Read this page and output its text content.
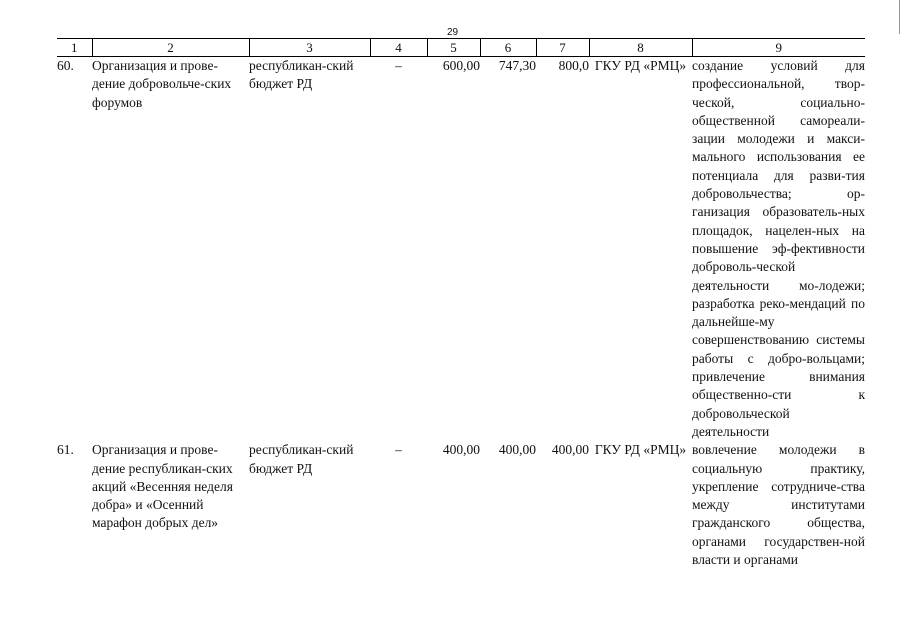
29
1	2	3	4	5	6	7	8	9
60.	Организация и прове-дение добровольче-ских форумов	республикан-ский бюджет РД	–	600,00	747,30	800,0	ГКУ РД «РМЦ»	создание условий для профессиональной, твор-ческой, социально-общественной самореали-зации молодежи и макси-мального использования ее потенциала для разви-тия добровольчества; ор-ганизация образователь-ных площадок, нацелен-ных на повышение эф-фективности доброволь-ческой деятельности мо-лодежи; разработка реко-мендаций по дальнейше-му совершенствованию системы работы с добро-вольцами; привлечение внимания общественно-сти к добровольческой деятельности
61.	Организация и прове-дение республикан-ских акций «Весенняя неделя добра» и «Осенний марафон добрых дел»	республикан-ский бюджет РД	–	400,00	400,00	400,00	ГКУ РД «РМЦ»	вовлечение молодежи в социальную практику, укрепление сотрудниче-ства между институтами гражданского общества, органами государствен-ной власти и органами
